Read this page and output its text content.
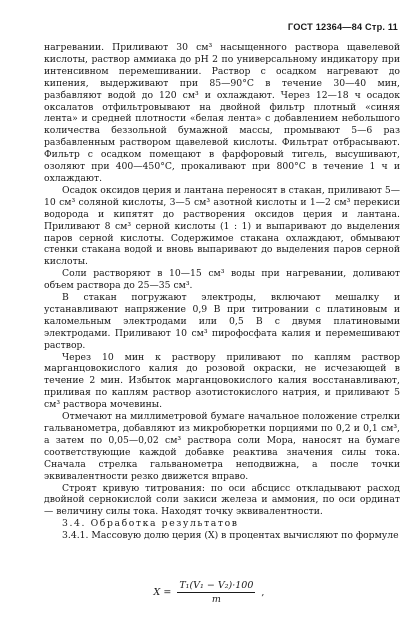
ГОСТ 12364—84 Стр. 11

нагревании. Приливают 30 см³ насыщенного раствора щавелевой кислоты, раствор аммиака до pH 2 по универсальному индикатору при интенсивном перемешивании. Раствор с осадком нагревают до кипения, выдерживают при 85—90°С в течение 30—40 мин, разбавляют водой до 120 см³ и охлаждают. Через 12—18 ч осадок оксалатов отфильтровывают на двойной фильтр плотный «синяя лента» и средней плотности «белая лента» с добавлением небольшого количества беззольной бумажной массы, промывают 5—6 раз разбавленным раствором щавелевой кислоты. Фильтрат отбрасывают. Фильтр с осадком помещают в фарфоровый тигель, высушивают, озоляют при 400—450°С, прокаливают при 800°С в течение 1 ч и охлаждают.

Осадок оксидов церия и лантана переносят в стакан, приливают 5—10 см³ соляной кислоты, 3—5 см³ азотной кислоты и 1—2 см³ перекиси водорода и кипятят до растворения оксидов церия и лантана. Приливают 8 см³ серной кислоты (1 : 1) и выпаривают до выделения паров серной кислоты. Содержимое стакана охлаждают, обмывают стенки стакана водой и вновь выпаривают до выделения паров серной кислоты.

Соли растворяют в 10—15 см³ воды при нагревании, доливают объем раствора до 25—35 см³.

В стакан погружают электроды, включают мешалку и устанавливают напряжение 0,9 В при титровании с платиновым и каломельным электродами или 0,5 В с двумя платиновыми электродами. Приливают 10 см³ пирофосфата калия и перемешивают раствор.

Через 10 мин к раствору приливают по каплям раствор марганцовокислого калия до розовой окраски, не исчезающей в течение 2 мин. Избыток марганцовокислого калия восстанавливают, приливая по каплям раствор азотистокислого натрия, и приливают 5 см³ раствора мочевины.

Отмечают на миллиметровой бумаге начальное положение стрелки гальванометра, добавляют из микробюретки порциями по 0,2 и 0,1 см³, а затем по 0,05—0,02 см³ раствора соли Мора, наносят на бумаге соответствующие каждой добавке реактива значения силы тока. Сначала стрелка гальванометра неподвижна, а после точки эквивалентности резко движется вправо.

Строят кривую титрования: по оси абсцисс откладывают расход двойной сернокислой соли закиси железа и аммония, по оси ординат — величину силы тока. Находят точку эквивалентности.

3.4. Обработка результатов

3.4.1. Массовую долю церия (X) в процентах вычисляют по формуле

$X = \frac{\text{T₁(V₁ − V₂)·100}}{m}$ ,
